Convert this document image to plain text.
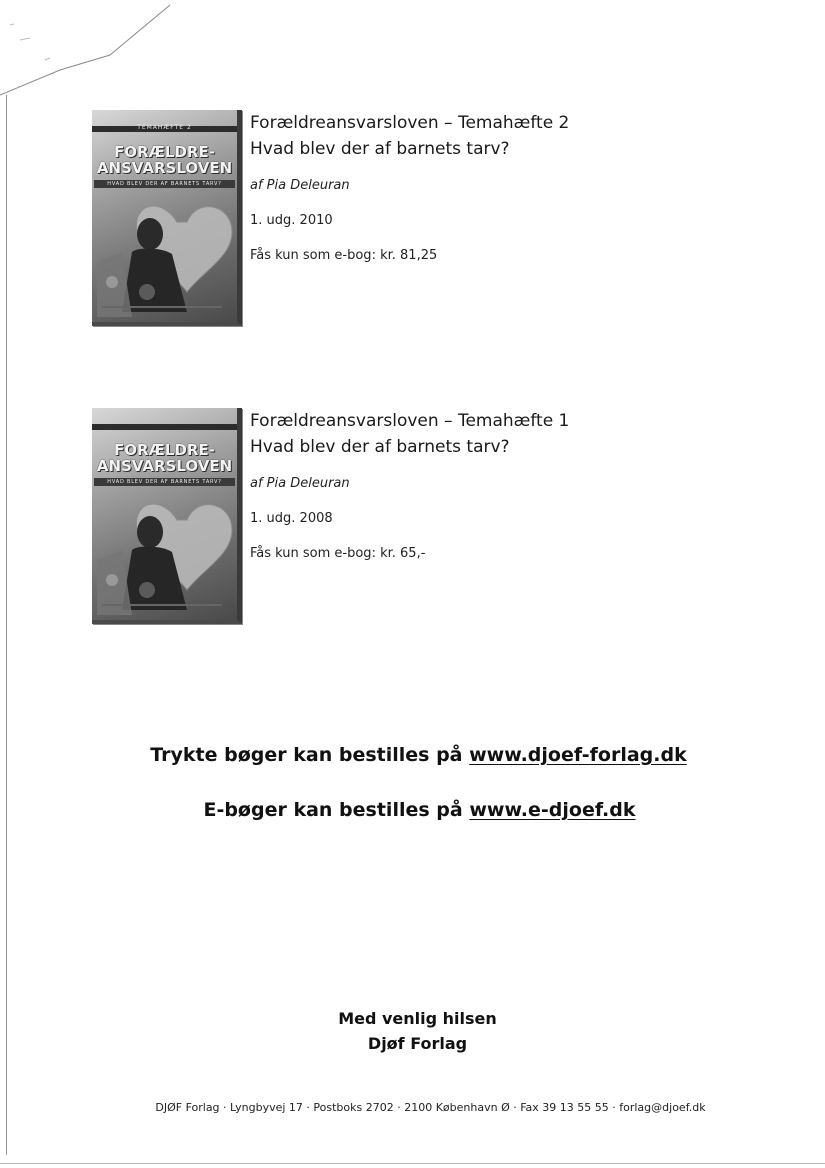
TEMAHÆFTE 2
FORÆLDRE-
ANSVARSLOVEN
HVAD BLEV DER AF BARNETS TARV?

Forældreansvarsloven – Temahæfte 2
Hvad blev der af barnets tarv?

af Pia Deleuran
1. udg. 2010
Fås kun som e-bog: kr. 81,25
FORÆLDRE-
ANSVARSLOVEN
HVAD BLEV DER AF BARNETS TARV?

Forældreansvarsloven – Temahæfte 1
Hvad blev der af barnets tarv?

af Pia Deleuran
1. udg. 2008
Fås kun som e-bog: kr. 65,-
Trykte bøger kan bestilles på www.djoef-forlag.dk
E-bøger kan bestilles på www.e-djoef.dk
Med venlig hilsen
Djøf Forlag
DJØF Forlag · Lyngbyvej 17 · Postboks 2702 · 2100 København Ø · Fax 39 13 55 55 · forlag@djoef.dk
